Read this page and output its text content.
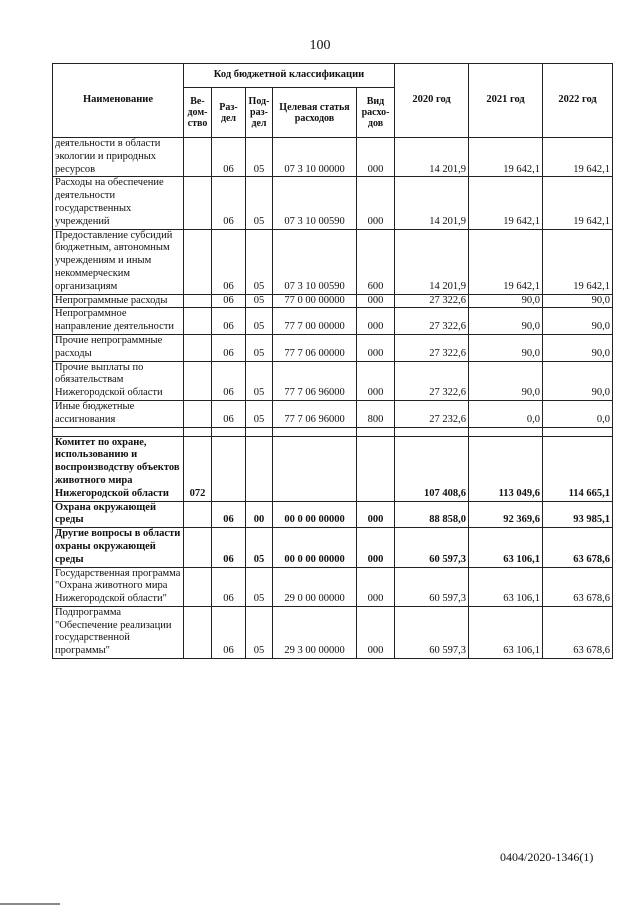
100
Наименование	Код бюджетной классификации					2020 год	2021 год	2022 год
	Ве-дом-ство	Раз-дел	Под-раз-дел	Целевая статья расходов	Вид расхо-дов			
деятельности в области экологии и природных ресурсов		06	05	07 3 10 00000	000	14 201,9	19 642,1	19 642,1
Расходы на обеспечение деятельности государственных учреждений		06	05	07 3 10 00590	000	14 201,9	19 642,1	19 642,1
Предоставление субсидий бюджетным, автономным учреждениям и иным некоммерческим организациям		06	05	07 3 10 00590	600	14 201,9	19 642,1	19 642,1
Непрограммные расходы		06	05	77 0 00 00000	000	27 322,6	90,0	90,0
Непрограммное направление деятельности		06	05	77 7 00 00000	000	27 322,6	90,0	90,0
Прочие непрограммные расходы		06	05	77 7 06 00000	000	27 322,6	90,0	90,0
Прочие выплаты по обязательствам Нижегородской области		06	05	77 7 06 96000	000	27 322,6	90,0	90,0
Иные бюджетные ассигнования		06	05	77 7 06 96000	800	27 232,6	0,0	0,0

Комитет по охране, использованию и воспроизводству объектов животного мира Нижегородской области	072					107 408,6	113 049,6	114 665,1
Охрана окружающей среды		06	00	00 0 00 00000	000	88 858,0	92 369,6	93 985,1
Другие вопросы в области охраны окружающей среды		06	05	00 0 00 00000	000	60 597,3	63 106,1	63 678,6
Государственная программа "Охрана животного мира Нижегородской области"		06	05	29 0 00 00000	000	60 597,3	63 106,1	63 678,6
Подпрограмма "Обеспечение реализации государственной программы"		06	05	29 3 00 00000	000	60 597,3	63 106,1	63 678,6
0404/2020-1346(1)
